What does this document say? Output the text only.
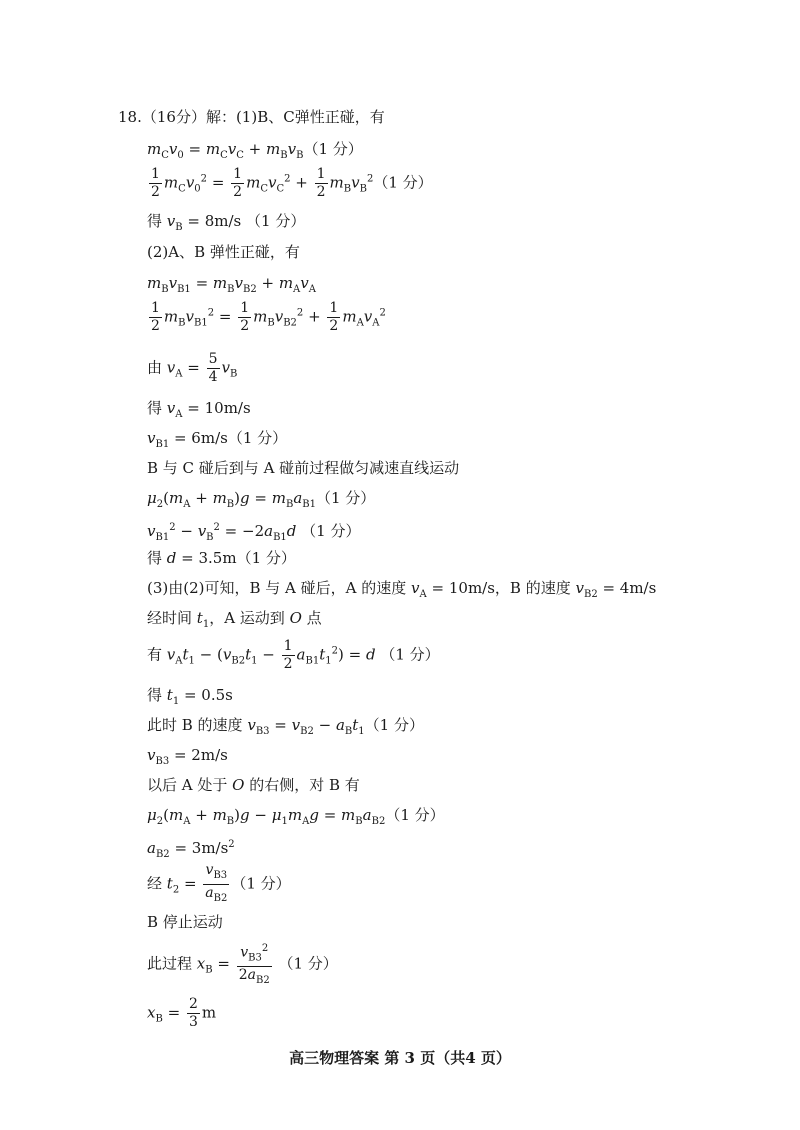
18.（16分）解：(1)B、C弹性正碰，有
$m_Cv_0 = m_Cv_C + m_Bv_B(1$ 分）
$\frac{1}{2} m_Cv_0^2 = \frac{1}{2} m_Cv_C^2 + \frac{1}{2} m_Bv_B^2(1$ 分）
得 $v_B = 8m/s$ （1 分）
(2)A、B 弹性正碰，有
$m_Bv_{B1} = m_Bv_{B2} + m_Av_A$
$\frac{1}{2} m_Bv_{B1}^2 = \frac{1}{2} m_Bv_{B2}^2 + \frac{1}{2} m_Av_A^2$
由 $v_A = \frac{5}{4} v_B$
得 $v_A = 10m/s$
$v_{B1} = 6m/s(1$ 分）
B 与 C 碰后到与 A 碰前过程做匀减速直线运动
$\mu_2(m_A + m_B)g = m_Ba_{B1}(1$ 分）
$v_{B1}^2 - v_B^2 = -2a_{B1}d$ （1 分）
得 d = 3.5m（1 分）
(3)由(2)可知，B 与 A 碰后，A 的速度 $v_A = 10m/s$，B 的速度 $v_{B2} = 4m/s$
经时间 $t_1$，A 运动到 O 点
有 $v_At_1 - (v_{B2}t_1 - \frac{1}{2} a_{B1}t_1^2) = d$ （1 分）
得 $t_1 = 0.5s$
此时 B 的速度 $v_{B3} = v_{B2} - a_Bt_1(1$ 分）
$v_{B3} = 2m/s$
以后 A 处于 O 的右侧，对 B 有
$\mu_2(m_A + m_B)g - \mu_1m_Ag = m_Ba_{B2}(1$ 分）
$a_{B2} = 3m/s^2$
经 $t_2 = \frac{v_{B3}}{a_{B2}} (1$ 分）
B 停止运动
此过程 $x_B = \frac{v_{B3}^2}{2a_{B2}} (1$ 分）
$x_B = \frac{2}{3}$ m
高三物理答案 第 3 页（共4 页）
